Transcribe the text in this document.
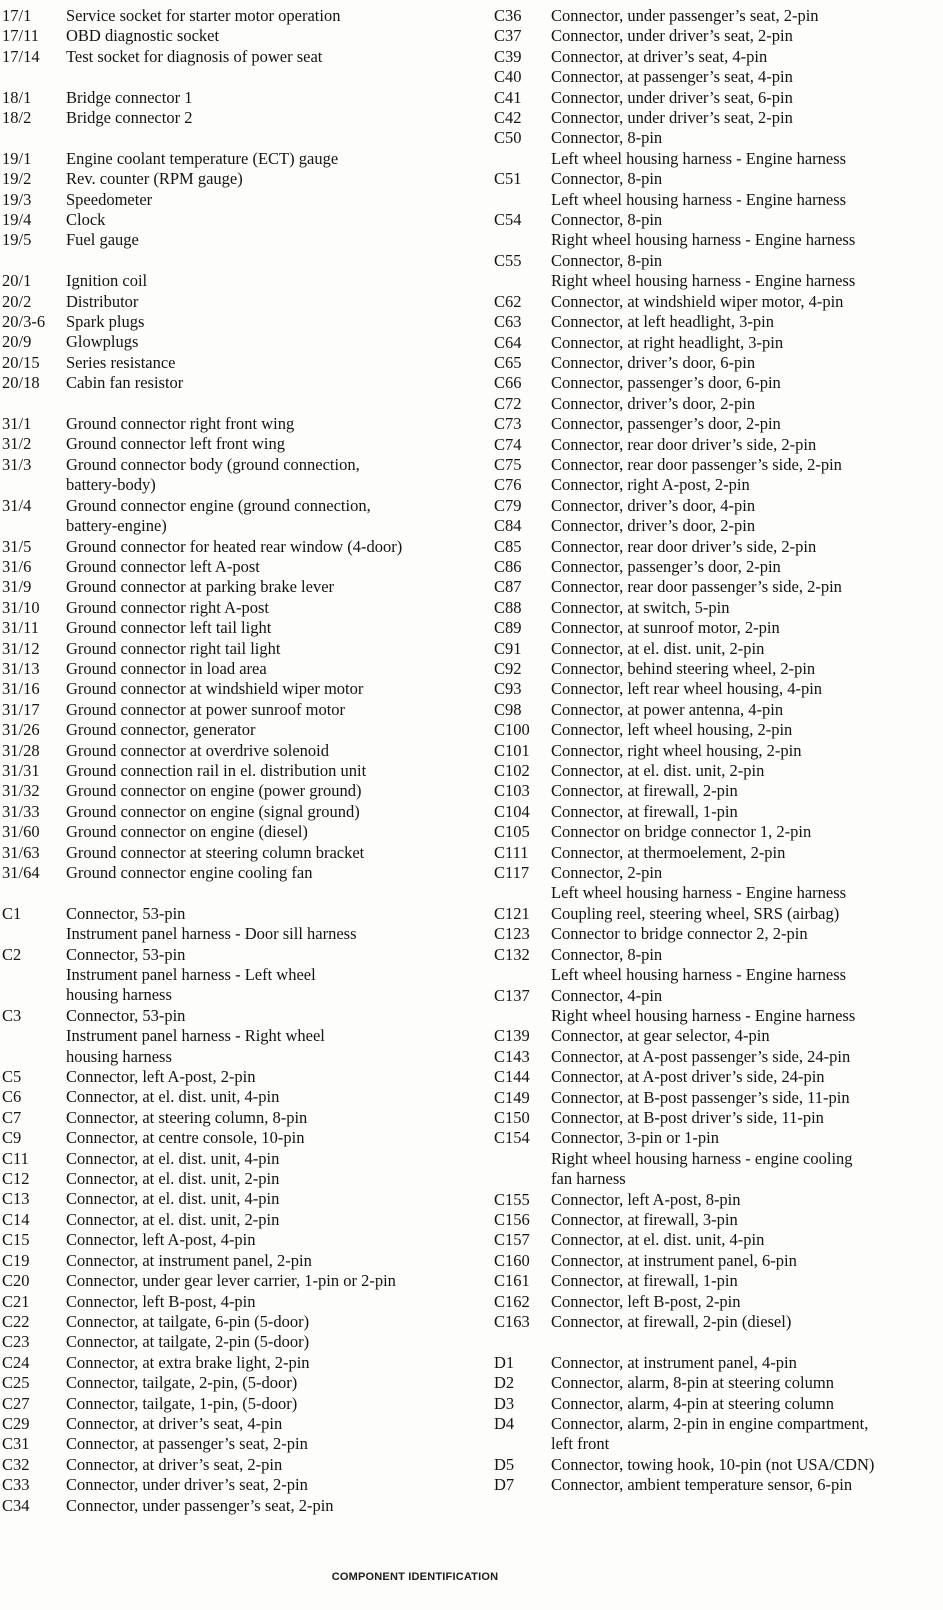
17/1	Service socket for starter motor operation
17/11	OBD diagnostic socket
17/14	Test socket for diagnosis of power seat
18/1	Bridge connector 1
18/2	Bridge connector 2
19/1	Engine coolant temperature (ECT) gauge
19/2	Rev. counter (RPM gauge)
19/3	Speedometer
19/4	Clock
19/5	Fuel gauge
20/1	Ignition coil
20/2	Distributor
20/3-6	Spark plugs
20/9	Glowplugs
20/15	Series resistance
20/18	Cabin fan resistor
31/1	Ground connector right front wing
31/2	Ground connector left front wing
31/3	Ground connector body (ground connection,
battery-body)
31/4	Ground connector engine (ground connection,
battery-engine)
31/5	Ground connector for heated rear window (4-door)
31/6	Ground connector left A-post
31/9	Ground connector at parking brake lever
31/10	Ground connector right A-post
31/11	Ground connector left tail light
31/12	Ground connector right tail light
31/13	Ground connector in load area
31/16	Ground connector at windshield wiper motor
31/17	Ground connector at power sunroof motor
31/26	Ground connector, generator
31/28	Ground connector at overdrive solenoid
31/31	Ground connection rail in el. distribution unit
31/32	Ground connector on engine (power ground)
31/33	Ground connector on engine (signal ground)
31/60	Ground connector on engine (diesel)
31/63	Ground connector at steering column bracket
31/64	Ground connector engine cooling fan
C1	Connector, 53-pin
Instrument panel harness - Door sill harness
C2	Connector, 53-pin
Instrument panel harness - Left wheel
housing harness
C3	Connector, 53-pin
Instrument panel harness - Right wheel
housing harness
C5	Connector, left A-post, 2-pin
C6	Connector, at el. dist. unit, 4-pin
C7	Connector, at steering column, 8-pin
C9	Connector, at centre console, 10-pin
C11	Connector, at el. dist. unit, 4-pin
C12	Connector, at el. dist. unit, 2-pin
C13	Connector, at el. dist. unit, 4-pin
C14	Connector, at el. dist. unit, 2-pin
C15	Connector, left A-post, 4-pin
C19	Connector, at instrument panel, 2-pin
C20	Connector, under gear lever carrier, 1-pin or 2-pin
C21	Connector, left B-post, 4-pin
C22	Connector, at tailgate, 6-pin (5-door)
C23	Connector, at tailgate, 2-pin (5-door)
C24	Connector, at extra brake light, 2-pin
C25	Connector, tailgate, 2-pin, (5-door)
C27	Connector, tailgate, 1-pin, (5-door)
C29	Connector, at driver’s seat, 4-pin
C31	Connector, at passenger’s seat, 2-pin
C32	Connector, at driver’s seat, 2-pin
C33	Connector, under driver’s seat, 2-pin
C34	Connector, under passenger’s seat, 2-pin
C36	Connector, under passenger’s seat, 2-pin
C37	Connector, under driver’s seat, 2-pin
C39	Connector, at driver’s seat, 4-pin
C40	Connector, at passenger’s seat, 4-pin
C41	Connector, under driver’s seat, 6-pin
C42	Connector, under driver’s seat, 2-pin
C50	Connector, 8-pin
Left wheel housing harness - Engine harness
C51	Connector, 8-pin
Left wheel housing harness - Engine harness
C54	Connector, 8-pin
Right wheel housing harness - Engine harness
C55	Connector, 8-pin
Right wheel housing harness - Engine harness
C62	Connector, at windshield wiper motor, 4-pin
C63	Connector, at left headlight, 3-pin
C64	Connector, at right headlight, 3-pin
C65	Connector, driver’s door, 6-pin
C66	Connector, passenger’s door, 6-pin
C72	Connector, driver’s door, 2-pin
C73	Connector, passenger’s door, 2-pin
C74	Connector, rear door driver’s side, 2-pin
C75	Connector, rear door passenger’s side, 2-pin
C76	Connector, right A-post, 2-pin
C79	Connector, driver’s door, 4-pin
C84	Connector, driver’s door, 2-pin
C85	Connector, rear door driver’s side, 2-pin
C86	Connector, passenger’s door, 2-pin
C87	Connector, rear door passenger’s side, 2-pin
C88	Connector, at switch, 5-pin
C89	Connector, at sunroof motor, 2-pin
C91	Connector, at el. dist. unit, 2-pin
C92	Connector, behind steering wheel, 2-pin
C93	Connector, left rear wheel housing, 4-pin
C98	Connector, at power antenna, 4-pin
C100	Connector, left wheel housing, 2-pin
C101	Connector, right wheel housing, 2-pin
C102	Connector, at el. dist. unit, 2-pin
C103	Connector, at firewall, 2-pin
C104	Connector, at firewall, 1-pin
C105	Connector on bridge connector 1, 2-pin
C111	Connector, at thermoelement, 2-pin
C117	Connector, 2-pin
Left wheel housing harness - Engine harness
C121	Coupling reel, steering wheel, SRS (airbag)
C123	Connector to bridge connector 2, 2-pin
C132	Connector, 8-pin
Left wheel housing harness - Engine harness
C137	Connector, 4-pin
Right wheel housing harness - Engine harness
C139	Connector, at gear selector, 4-pin
C143	Connector, at A-post passenger’s side, 24-pin
C144	Connector, at A-post driver’s side, 24-pin
C149	Connector, at B-post passenger’s side, 11-pin
C150	Connector, at B-post driver’s side, 11-pin
C154	Connector, 3-pin or 1-pin
Right wheel housing harness - engine cooling
fan harness
C155	Connector, left A-post, 8-pin
C156	Connector, at firewall, 3-pin
C157	Connector, at el. dist. unit, 4-pin
C160	Connector, at instrument panel, 6-pin
C161	Connector, at firewall, 1-pin
C162	Connector, left B-post, 2-pin
C163	Connector, at firewall, 2-pin (diesel)
D1	Connector, at instrument panel, 4-pin
D2	Connector, alarm, 8-pin at steering column
D3	Connector, alarm, 4-pin at steering column
D4	Connector, alarm, 2-pin in engine compartment,
left front
D5	Connector, towing hook, 10-pin (not USA/CDN)
D7	Connector, ambient temperature sensor, 6-pin
COMPONENT IDENTIFICATION
